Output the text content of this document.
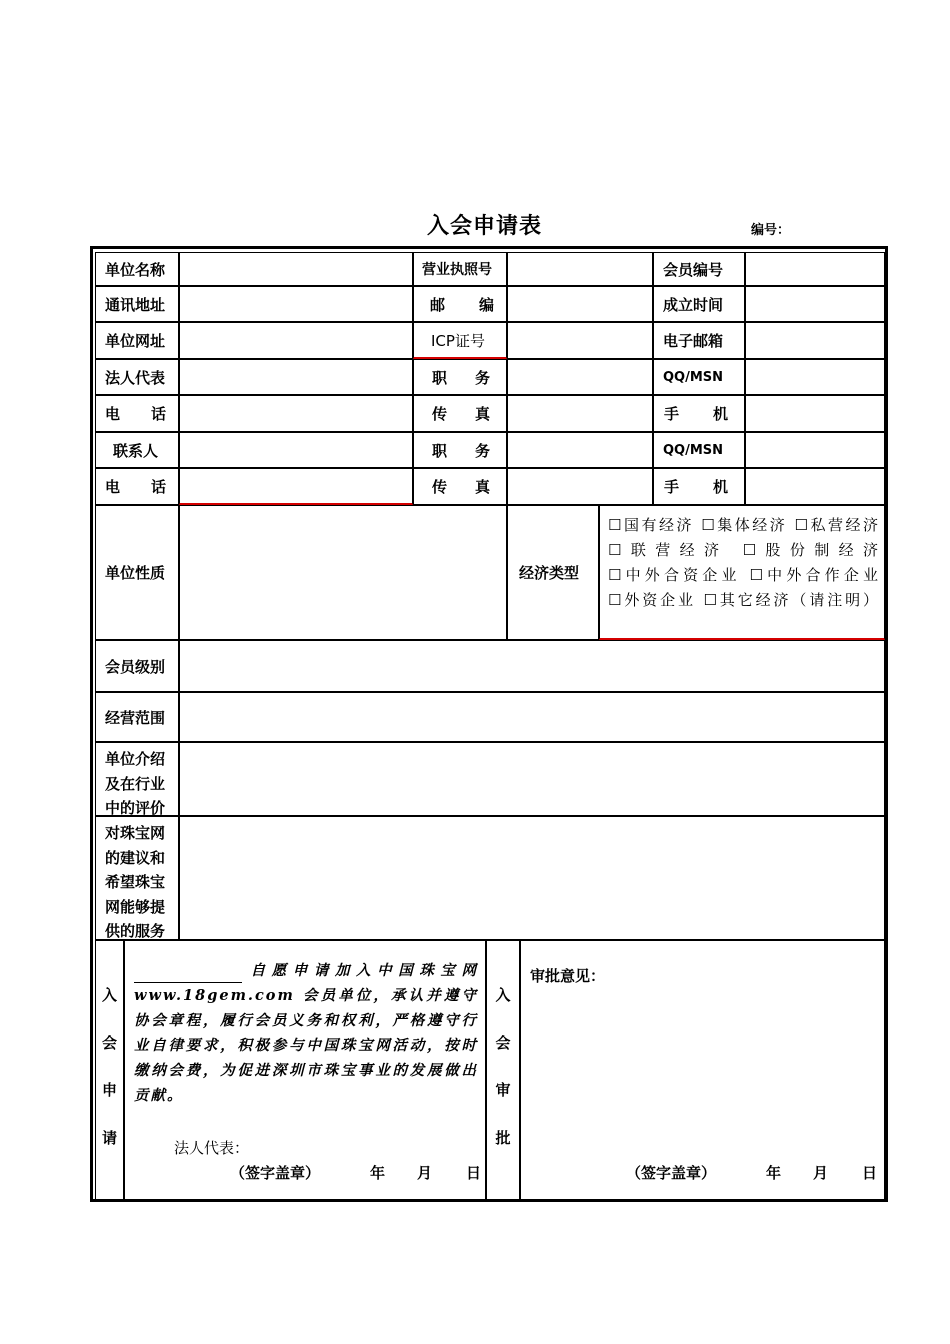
入会申请表	编号：
单位名称	营业执照号	会员编号
通讯地址	邮 编	成立时间
单位网址	ICP证号	电子邮箱
法人代表	职 务	QQ/MSN
电 话	传 真	手 机
联系人	职 务	QQ/MSN
电 话	传 真	手 机
单位性质	经济类型
☐国有经济 ☐集体经济 ☐私营经济 ☐联营经济 ☐股份制经济 ☐中外合资企业 ☐中外合作企业 ☐外资企业 ☐其它经济（请注明）
会员级别
经营范围
单位介绍及在行业中的评价
对珠宝网的建议和希望珠宝网能够提供的服务
入
会
申
请
自愿申请加入中国珠宝网 www.18gem.com 会员单位，承认并遵守协会章程，履行会员义务和权利，严格遵守行业自律要求，积极参与中国珠宝网活动，按时缴纳会费，为促进深圳市珠宝事业的发展做出贡献。
法人代表：
（签字盖章）	年 月 日
入
会
审
批
审批意见：
（签字盖章）	年 月 日
